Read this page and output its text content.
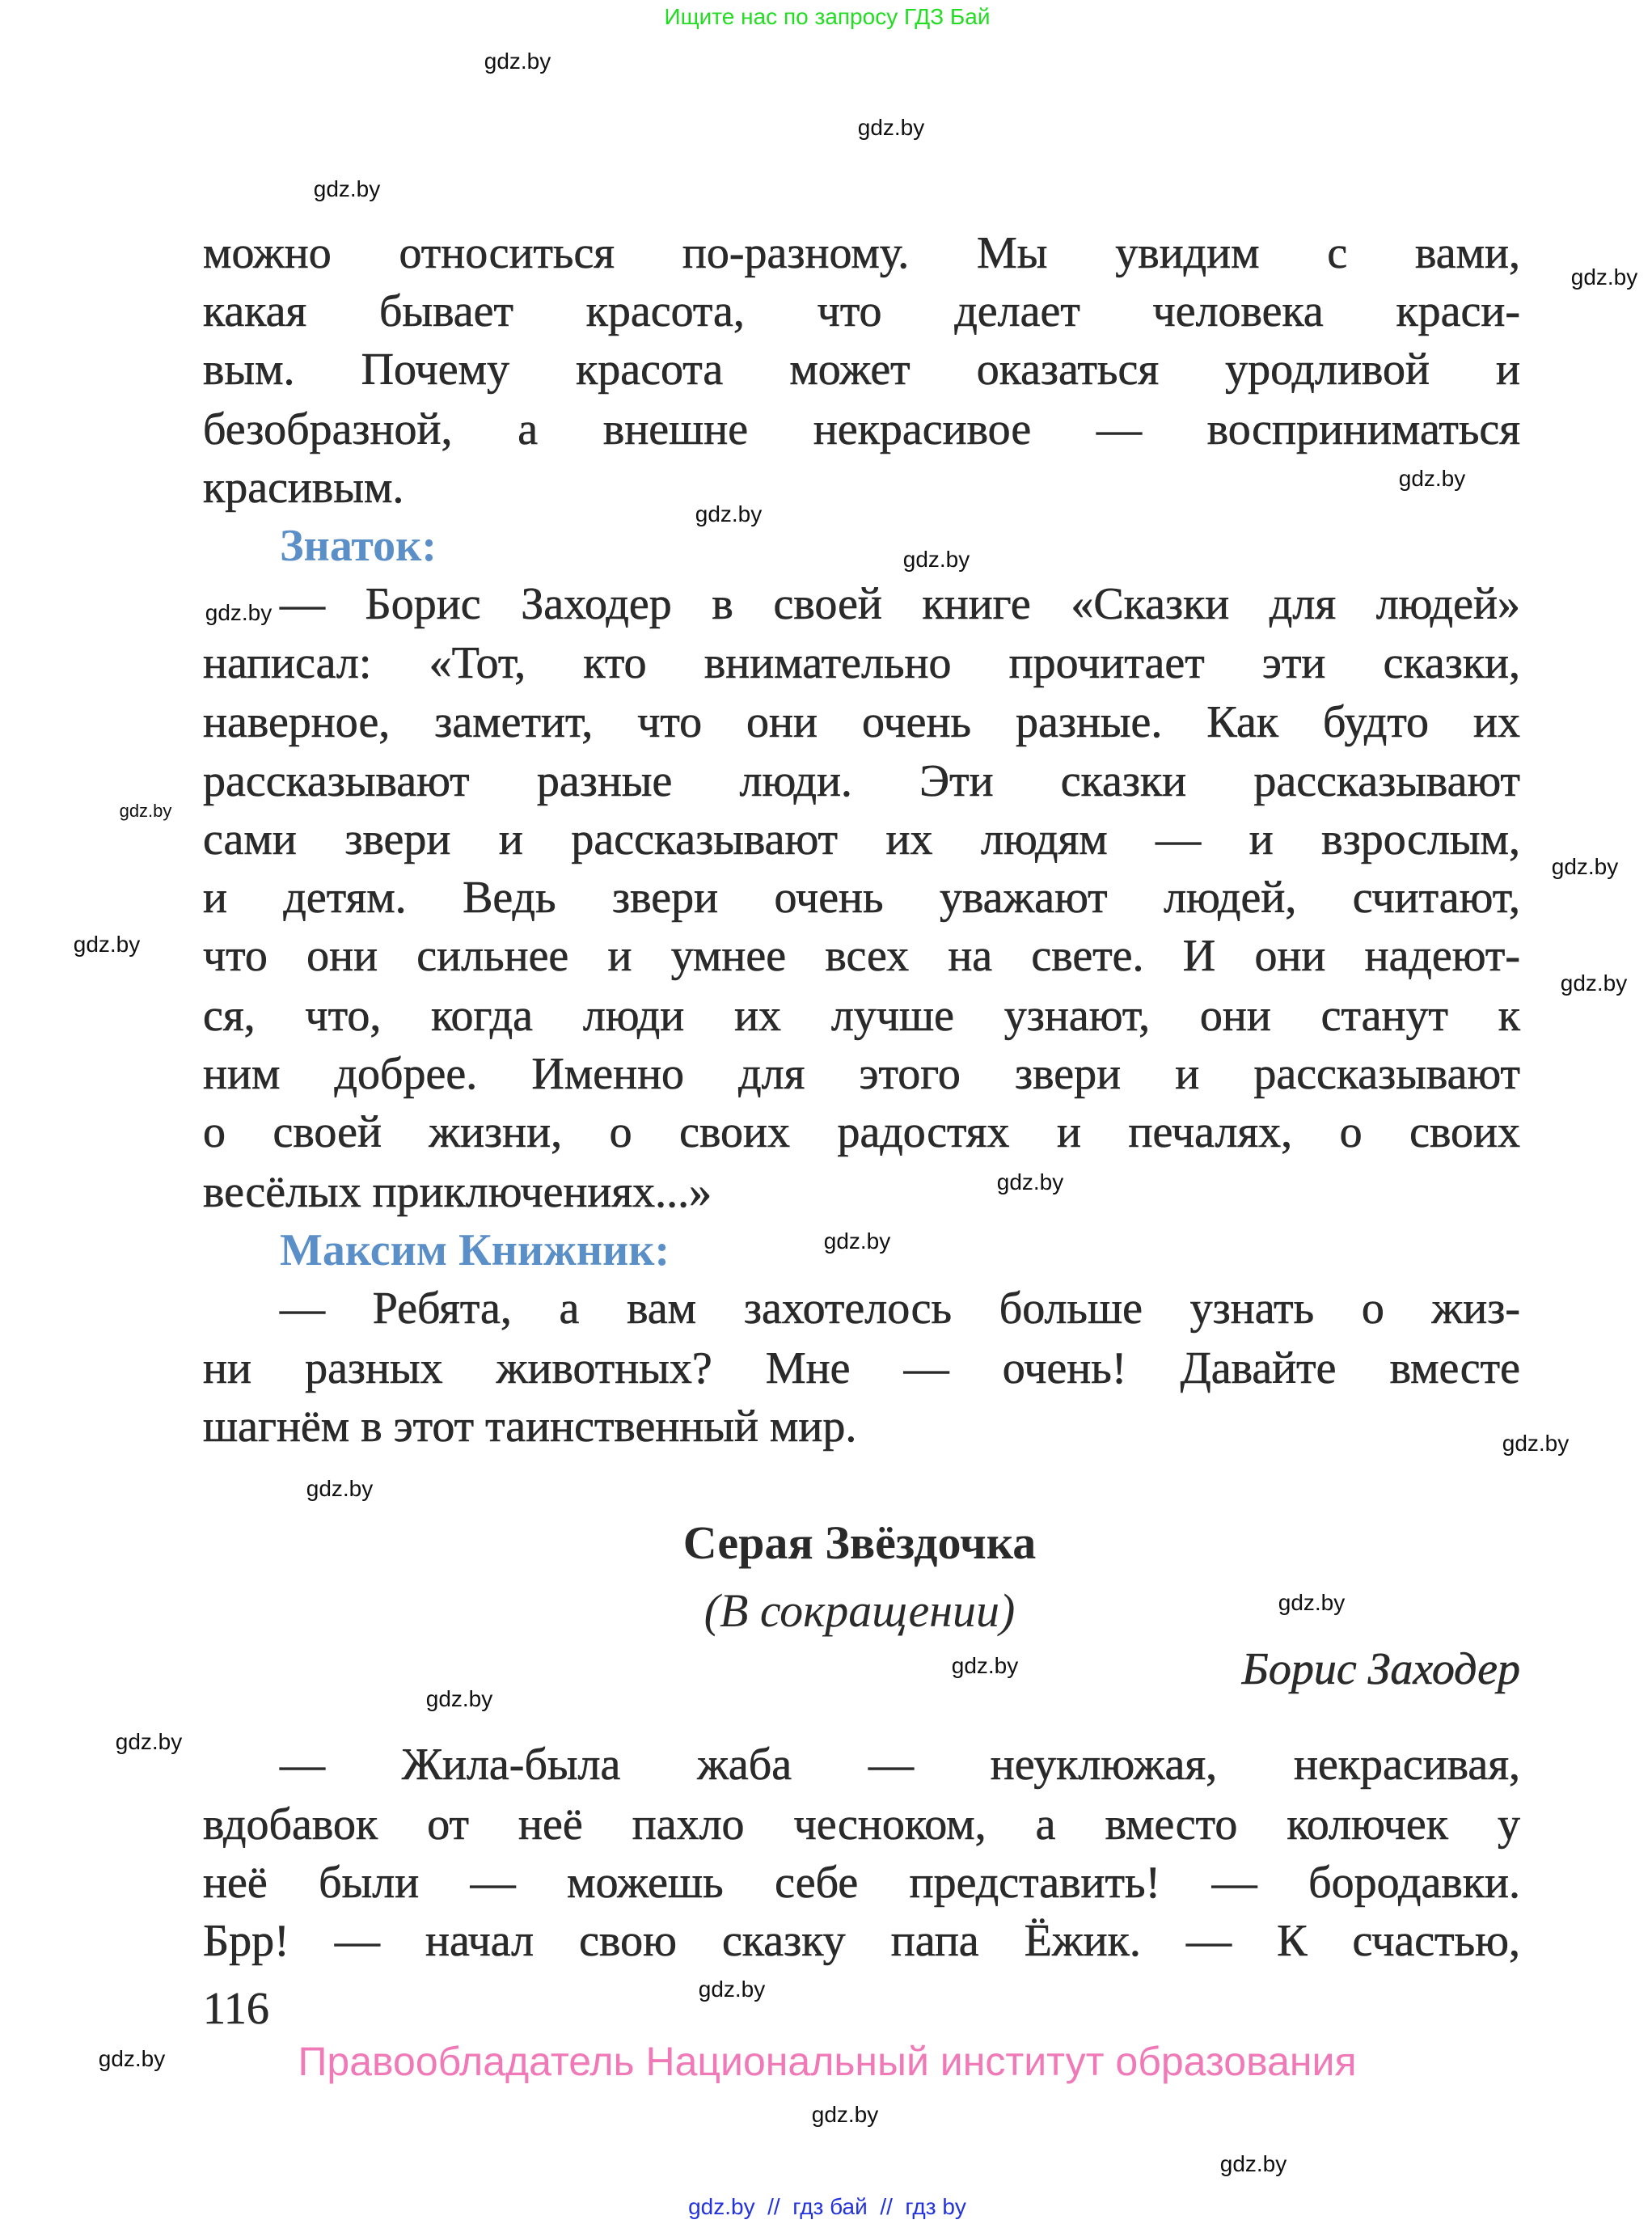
Ищите нас по запросу ГДЗ Бай
можно относиться по-разному. Мы увидим с вами,
какая бывает красота, что делает человека краси-
вым. Почему красота может оказаться уродливой и
безобразной, а внешне некрасивое — восприниматься
красивым.
Знаток:
— Борис Заходер в своей книге «Сказки для людей»
написал: «Тот, кто внимательно прочитает эти сказки,
наверное, заметит, что они очень разные. Как будто их
рассказывают разные люди. Эти сказки рассказывают
сами звери и рассказывают их людям — и взрослым,
и детям. Ведь звери очень уважают людей, считают,
что они сильнее и умнее всех на свете. И они надеют-
ся, что, когда люди их лучше узнают, они станут к
ним добрее. Именно для этого звери и рассказывают
о своей жизни, о своих радостях и печалях, о своих
весёлых приключениях...»
Максим Книжник:
— Ребята, а вам захотелось больше узнать о жиз-
ни разных животных? Мне — очень! Давайте вместе
шагнём в этот таинственный мир.
Серая Звёздочка
(В сокращении)
Борис Заходер
— Жила-была жаба — неуклюжая, некрасивая,
вдобавок от неё пахло чесноком, а вместо колючек у
неё были — можешь себе представить! — бородавки.
Брр! — начал свою сказку папа Ёжик. — К счастью,
116
Правообладатель Национальный институт образования
gdz.by  //  гдз бай  //  гдз by
gdz.by
gdz.by
gdz.by
gdz.by
gdz.by
gdz.by
gdz.by
gdz.by
gdz.by
gdz.by
gdz.by
gdz.by
gdz.by
gdz.by
gdz.by
gdz.by
gdz.by
gdz.by
gdz.by
gdz.by
gdz.by
gdz.by
gdz.by
gdz.by
